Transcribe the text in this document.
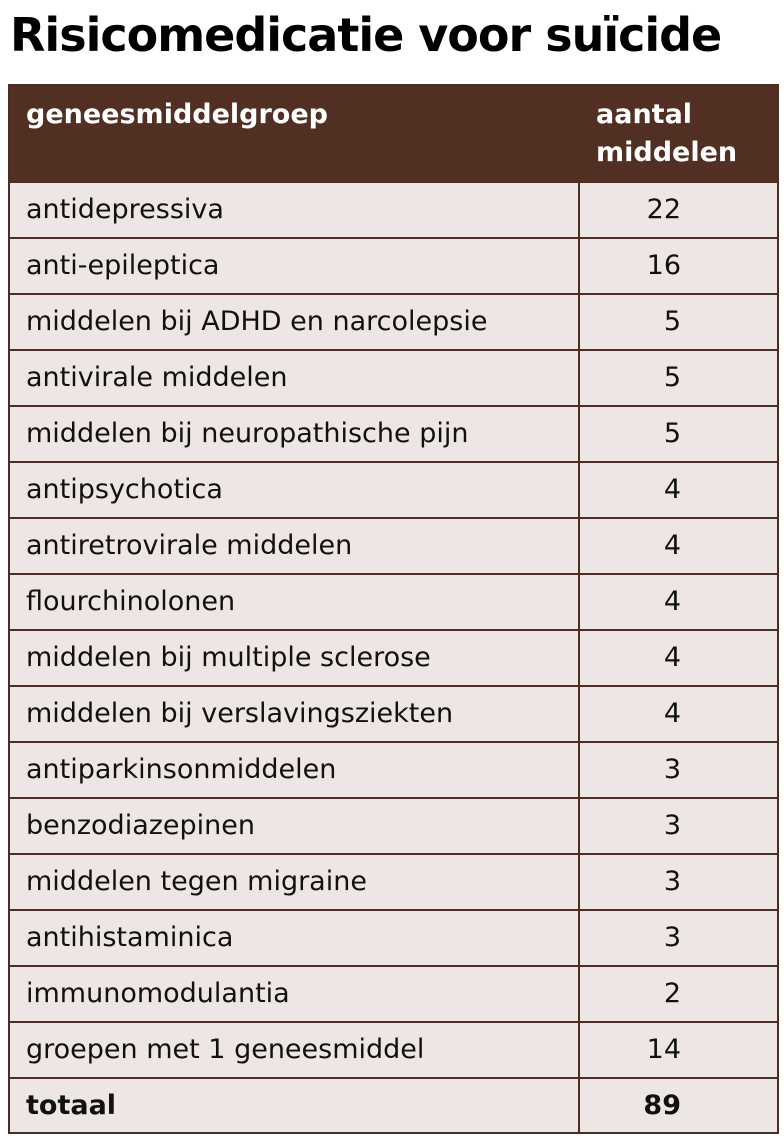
Risicomedicatie voor suïcide
geneesmiddelgroep	aantal
middelen

antidepressiva	22
anti-epileptica	16
middelen bij ADHD en narcolepsie	5
antivirale middelen	5
middelen bij neuropathische pijn	5
antipsychotica	4
antiretrovirale middelen	4
flourchinolonen	4
middelen bij multiple sclerose	4
middelen bij verslavingsziekten	4
antiparkinsonmiddelen	3
benzodiazepinen	3
middelen tegen migraine	3
antihistaminica	3
immunomodulantia	2
groepen met 1 geneesmiddel	14
totaal	89
